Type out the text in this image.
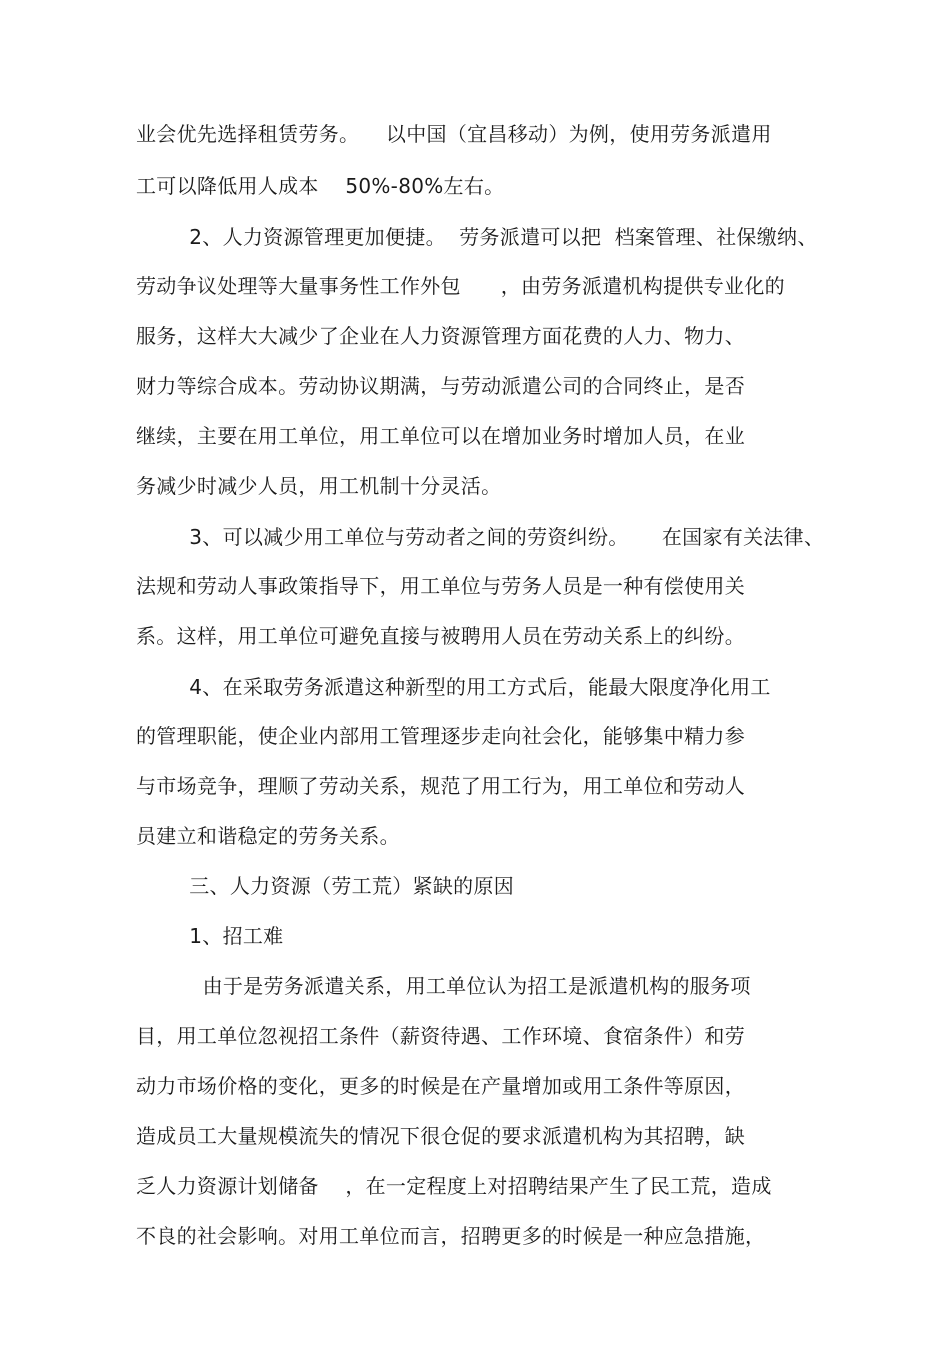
业会优先选择租赁劳务。    以中国（宜昌移动）为例，使用劳务派遣用
工可以降低用人成本    50%-80%左右。
2、人力资源管理更加便捷。  劳务派遣可以把  档案管理、社保缴纳、
劳动争议处理等大量事务性工作外包      ，由劳务派遣机构提供专业化的
服务，这样大大减少了企业在人力资源管理方面花费的人力、物力、
财力等综合成本。劳动协议期满，与劳动派遣公司的合同终止，是否
继续，主要在用工单位，用工单位可以在增加业务时增加人员，在业
务减少时减少人员，用工机制十分灵活。
3、可以减少用工单位与劳动者之间的劳资纠纷。     在国家有关法律、
法规和劳动人事政策指导下，用工单位与劳务人员是一种有偿使用关
系。这样，用工单位可避免直接与被聘用人员在劳动关系上的纠纷。
4、在采取劳务派遣这种新型的用工方式后，能最大限度净化用工
的管理职能，使企业内部用工管理逐步走向社会化，能够集中精力参
与市场竞争，理顺了劳动关系，规范了用工行为，用工单位和劳动人
员建立和谐稳定的劳务关系。
三、人力资源（劳工荒）紧缺的原因
1、招工难
由于是劳务派遣关系，用工单位认为招工是派遣机构的服务项
目，用工单位忽视招工条件（薪资待遇、工作环境、食宿条件）和劳
动力市场价格的变化，更多的时候是在产量增加或用工条件等原因，
造成员工大量规模流失的情况下很仓促的要求派遣机构为其招聘，缺
乏人力资源计划储备    ，在一定程度上对招聘结果产生了民工荒，造成
不良的社会影响。对用工单位而言，招聘更多的时候是一种应急措施，
